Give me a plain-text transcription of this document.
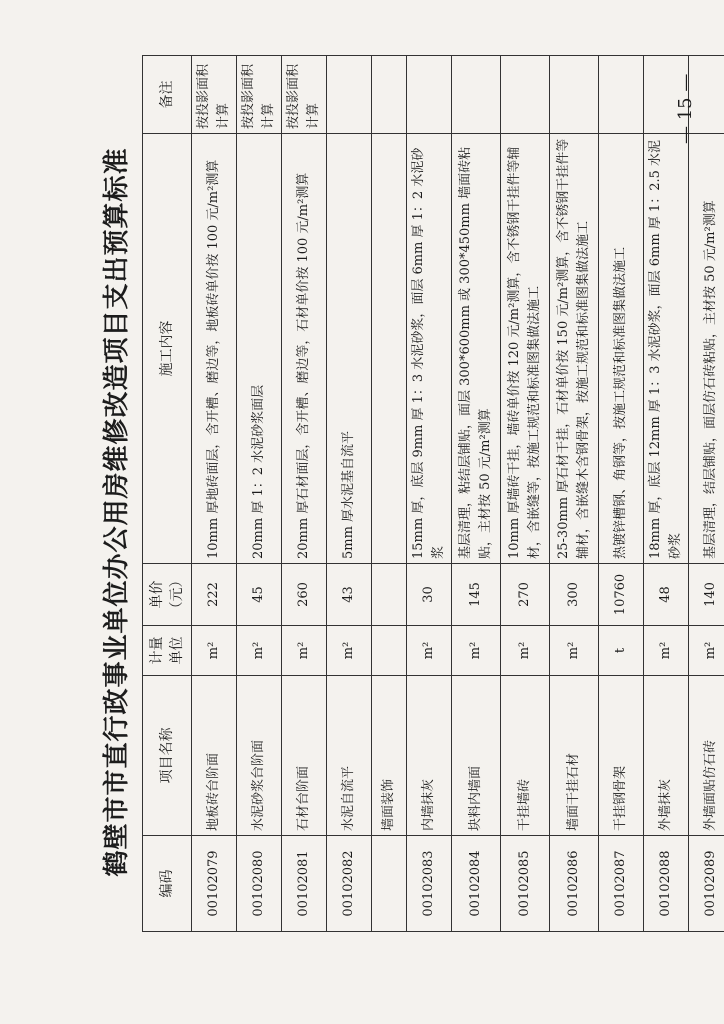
鹤壁市市直行政事业单位办公用房维修改造项目支出预算标准
编码	项目名称	计量单位	单价（元）	施工内容	备注
00102079	地板砖台阶面	m²	222	10mm 厚地砖面层，含开槽、磨边等，地板砖单价按 100 元/m²测算	按投影面积计算
00102080	水泥砂浆台阶面	m²	45	20mm 厚 1：2 水泥砂浆面层	按投影面积计算
00102081	石材台阶面	m²	260	20mm 厚石材面层，含开槽、磨边等，石材单价按 100 元/m²测算	按投影面积计算
00102082	水泥自流平	m²	43	5mm 厚水泥基自流平	
	墙面装饰				
00102083	内墙抹灰	m²	30	15mm 厚，底层 9mm 厚 1：3 水泥砂浆，面层 6mm 厚 1：2 水泥砂浆	
00102084	块料内墙面	m²	145	基层清理，粘结层铺贴，面层 300*600mm 或 300*450mm 墙面砖粘贴，主材按 50 元/m²测算	
00102085	干挂墙砖	m²	270	10mm 厚墙砖干挂，墙砖单价按 120 元/m²测算，含不锈钢干挂件等辅材，含嵌缝等，按施工规范和标准图集做法施工	
00102086	墙面干挂石材	m²	300	25-30mm 厚石材干挂，石材单价按 150 元/m²测算，含不锈钢干挂件等辅材，含嵌缝木含钢骨架，按施工规范和标准图集做法施工	
00102087	干挂钢骨架	t	10760	热镀锌槽钢、角钢等，按施工规范和标准图集做法施工	
00102088	外墙抹灰	m²	48	18mm 厚，底层 12mm 厚 1：3 水泥砂浆，面层 6mm 厚 1：2.5 水泥砂浆	
00102089	外墙面贴仿石砖	m²	140	基层清理，结层铺贴，面层仿石砖粘贴，主材按 50 元/m²测算	
— 15 —
